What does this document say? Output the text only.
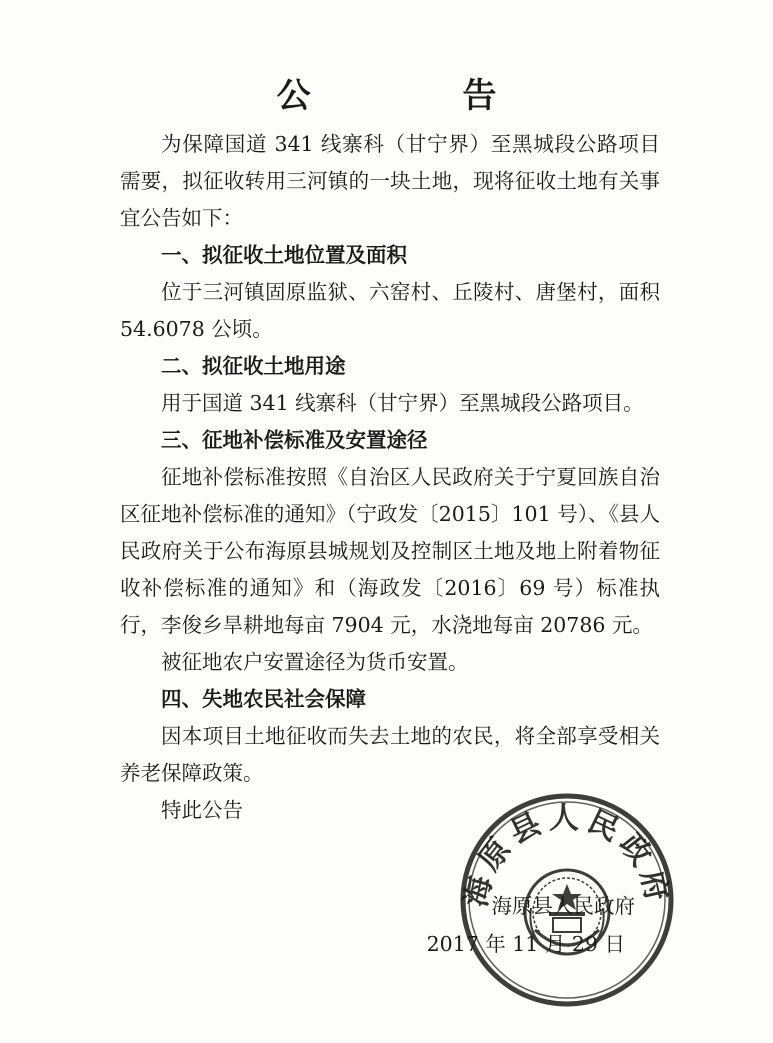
公 告

为保障国道 341 线寨科（甘宁界）至黑城段公路项目需要，拟征收转用三河镇的一块土地，现将征收土地有关事宜公告如下：

一、拟征收土地位置及面积

位于三河镇固原监狱、六窑村、丘陵村、唐堡村，面积 54.6078 公顷。

二、拟征收土地用途

用于国道 341 线寨科（甘宁界）至黑城段公路项目。

三、征地补偿标准及安置途径

征地补偿标准按照《自治区人民政府关于宁夏回族自治区征地补偿标准的通知》（宁政发〔2015〕101 号）、《县人民政府关于公布海原县城规划及控制区土地及地上附着物征收补偿标准的通知》和（海政发〔2016〕69 号）标准执行，李俊乡旱耕地每亩 7904 元，水浇地每亩 20786 元。

被征地农户安置途径为货币安置。

四、失地农民社会保障

因本项目土地征收而失去土地的农民，将全部享受相关养老保障政策。

特此公告

海原县人民政府
海原县人民政府
2017 年 11 月 29 日
